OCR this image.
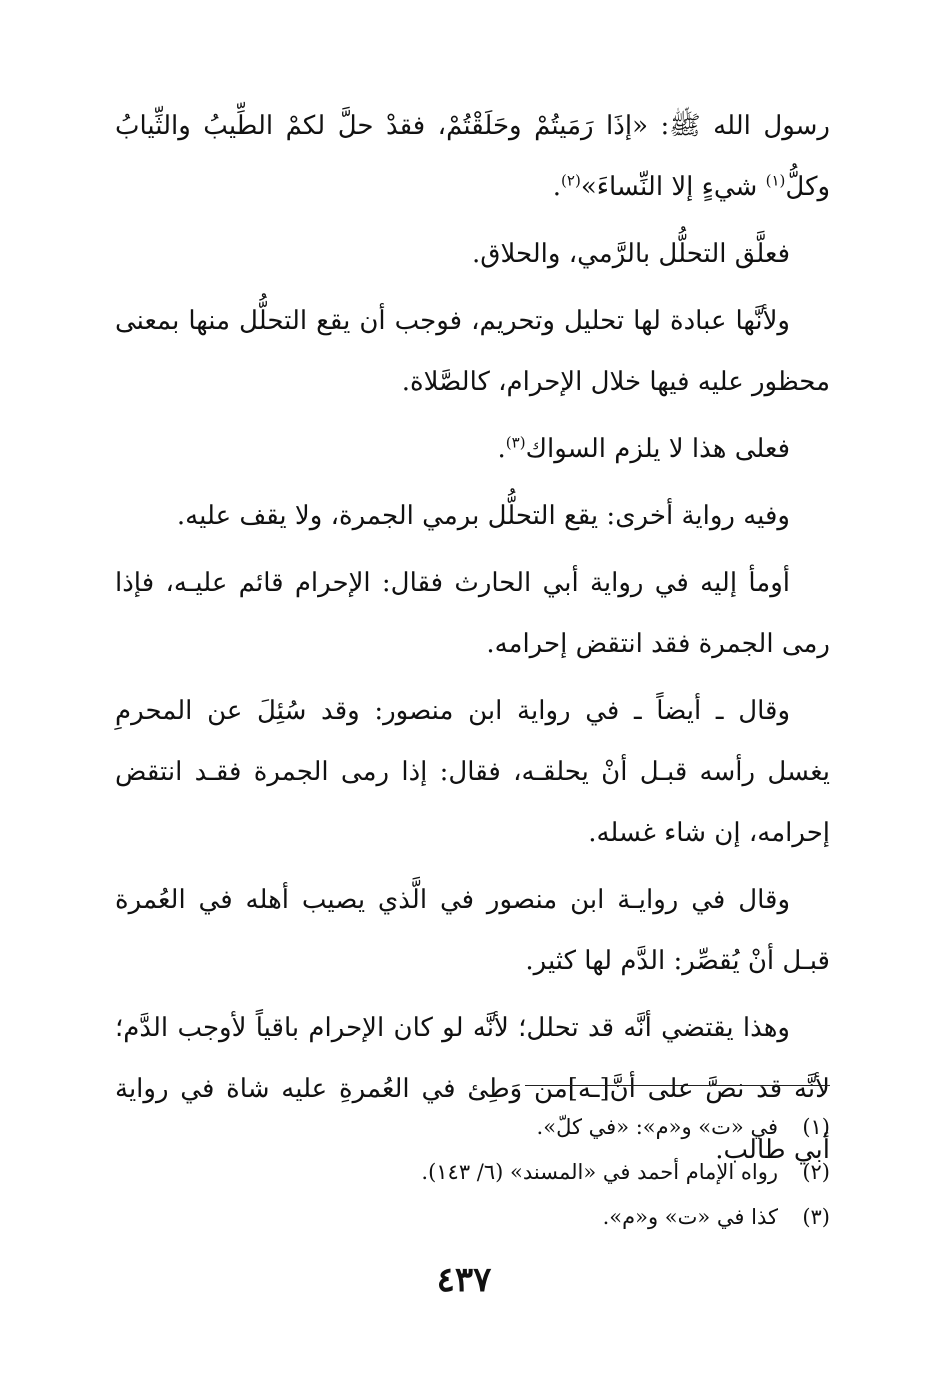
رسول الله ﷺ: «إذَا رَمَيتُمْ وحَلَقْتُمْ، فقدْ حلَّ لكمْ الطِّيبُ والثِّيابُ وكلُّ$^{(١)}$ شيءٍ إلا النِّساءَ»$^{(٢)}$.

فعلَّق التحلُّل بالرَّمي، والحلاق.

ولأنَّها عبادة لها تحليل وتحريم، فوجب أن يقع التحلُّل منها بمعنى محظور عليه فيها خلال الإحرام، كالصَّلاة.

فعلى هذا لا يلزم السواك$^{(٣)}$.

وفيه رواية أخرى: يقع التحلُّل برمي الجمرة، ولا يقف عليه.

أومأ إليه في رواية أبي الحارث فقال: الإحرام قائم عليـه، فإذا رمى الجمرة فقد انتقض إحرامه.

وقال ـ أيضاً ـ في رواية ابن منصور: وقد سُئِلَ عن المحرمِ يغسل رأسه قبـل أنْ يحلقـه، فقال: إذا رمى الجمرة فقـد انتقض إحرامه، إن شاء غسله.

وقال في روايـة ابن منصور في الَّذي يصيب أهله في العُمرة قبـل أنْ يُقصِّر: الدَّم لها كثير.

وهذا يقتضي أنَّه قد تحلل؛ لأنَّه لو كان الإحرام باقياً لأوجب الدَّم؛ لأنَّه قد نصَّ على أنَّ[ـه]من وَطِئ في العُمرةِ عليه شاة في رواية أبي طالب.

(١)في «ت» و«م»: «في كلّ».

(٢)رواه الإمام أحمد في «المسند» (٦/ ١٤٣).

(٣)كذا في «ت» و«م».

٤٣٧
